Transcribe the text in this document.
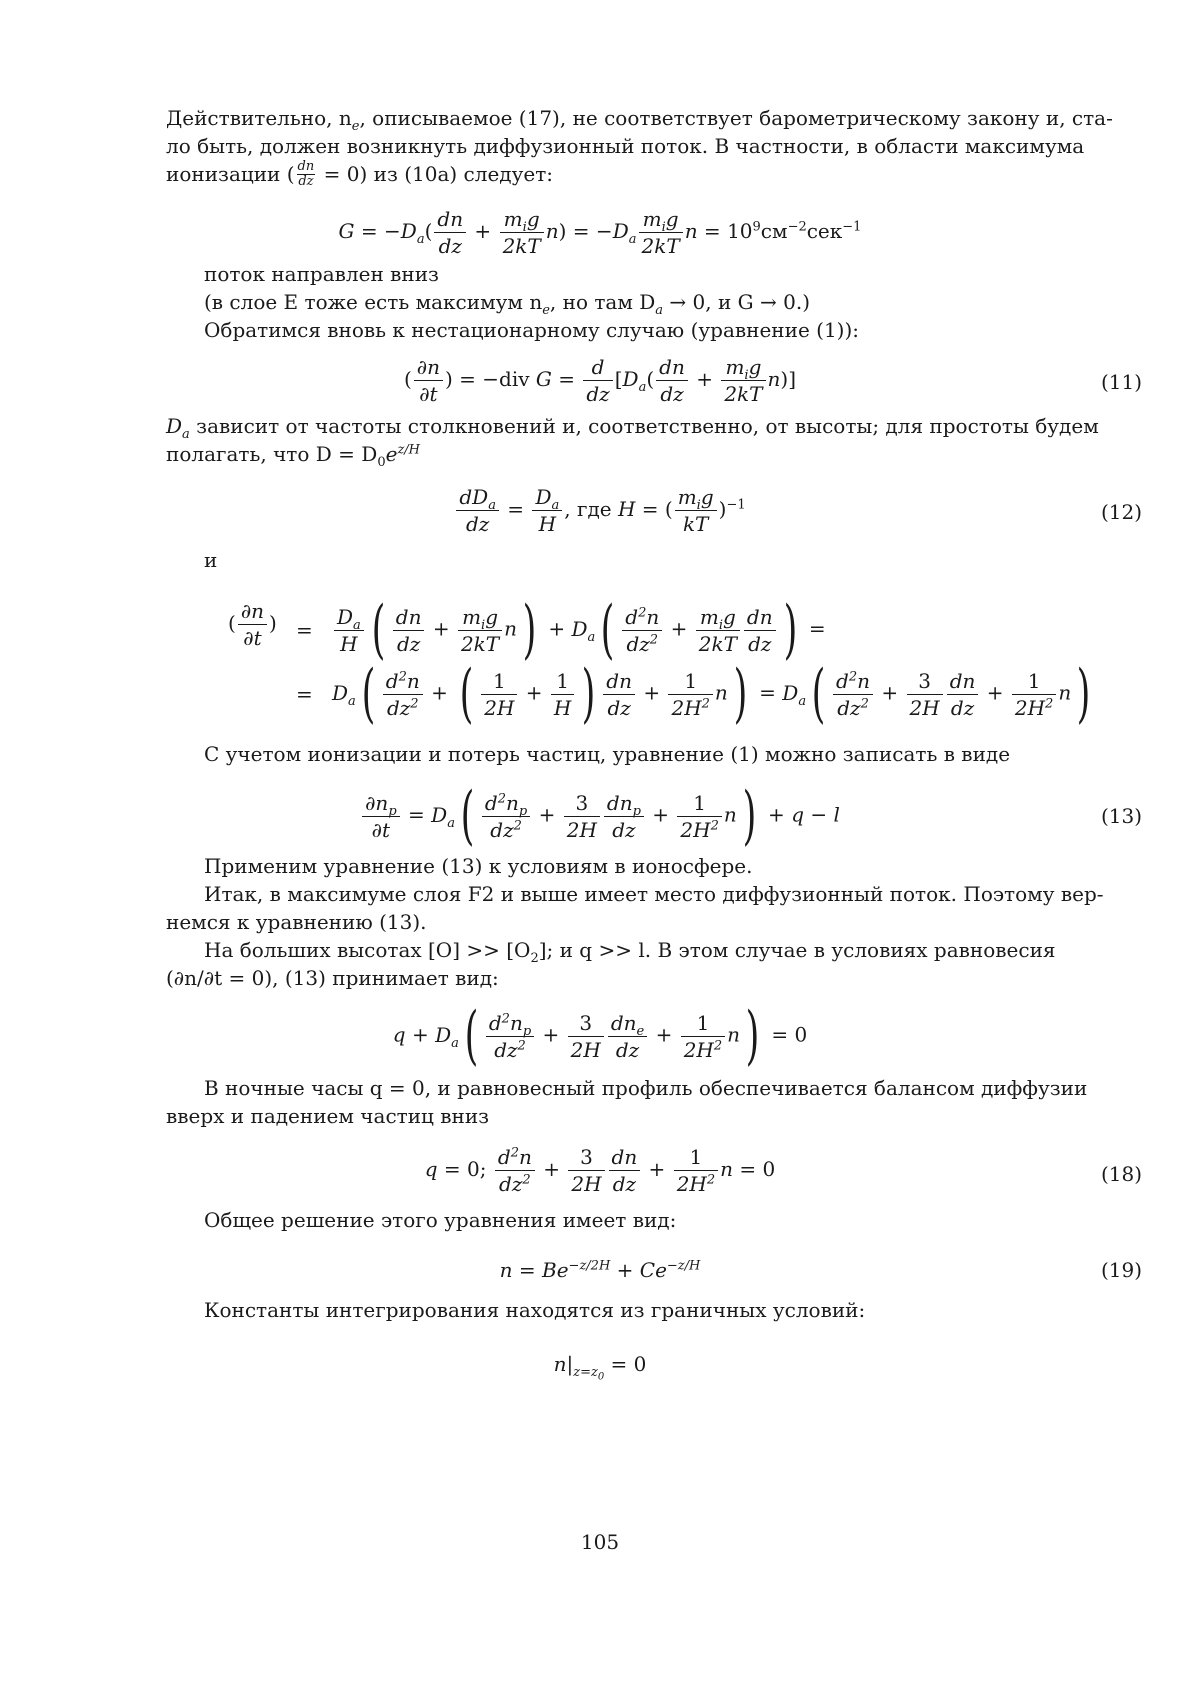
Действительно, $n_e$, описываемое (17), не соответствует барометрическому закону и, ста-
ло быть, должен возникнуть диффузионный поток. В частности, в области максимума
ионизации ( $\frac{dn}{dz} = 0$) из (10a) следует:
$G = -D_a( \frac{dn}{dz} + m_ig$
2kT
$n) = -D_a$
$m_ig$
2kT
$n = 10^9см^{-2}сек^{-1}$
поток направлен вниз
(в слое E тоже есть максимум $n_e$, но там $D_a \to 0$, и G → 0.)
Обратимся вновь к нестационарному случаю (уравнение (1)):
( $\frac{\partial n}{\partial t}$ ) = −div $G = \frac{d}{dz} [D_a( \frac{dn}{dz} + m_ig$
2kT
n)]	(11)
$D_a$ зависит от частоты столкновений и, соответственно, от высоты; для простоты будем
полагать, что $D = D_0e^{z/H}$
$dD_a$
dz
= $\frac{D_a}{H}$ , где H = ( $m_ig$
kT
)$^{-1}$	(12)
и
( $\frac{\partial n}{\partial t}$ ) = $\frac{D_a}{H}$ ( $\frac{dn}{dz} + m_ig$
2kT
$n) + D_a( \frac{d^2n}{dz^2} + m_ig$
$2kT \frac{dn}{dz}$ ) =
= $D_a( \frac{d^2n}{dz^2}$ + ( $\frac{1}{2H} + \frac{1}{H}$ ) $\frac{dn}{dz} + \frac{1}{2H^2} n) = D_a( \frac{d^2n}{dz^2} + \frac{3}{2H} \frac{dn}{dz} + \frac{1}{2H^2} n)$
С учетом ионизации и потерь частиц, уравнение (1) можно записать в виде
$\frac{\partial n_p}{\partial t} = D_a( \frac{d^2n_p}{dz^2} + \frac{3}{2H} dn_p$
dz
+ $\frac{1}{2H^2} n) + q - l$	(13)
Применим уравнение (13) к условиям в ионосфере.
Итак, в максимуме слоя F2 и выше имеет место диффузионный поток. Поэтому вер-
немся к уравнению (13).
На больших высотах $[O] >> [O_2]$; и q >> l. В этом случае в условиях равновесия
(∂n/∂t = 0), (13) принимает вид:
$q + D_a( \frac{d^2n_p}{dz^2} + \frac{3}{2H} dn_e$
dz
+ $\frac{1}{2H^2} n) = 0$
В ночные часы q = 0, и равновесный профиль обеспечивается балансом диффузии
вверх и падением частиц вниз
q = 0; $\frac{d^2n}{dz^2} + \frac{3}{2H} \frac{dn}{dz} + \frac{1}{2H^2}$ n = 0	(18)
Общее решение этого уравнения имеет вид:
$n = Be^{-z/2H} + Ce^{-z/H}$	(19)
Константы интегрирования находятся из граничных условий:
$n|_{z=z_0} = 0$
105
